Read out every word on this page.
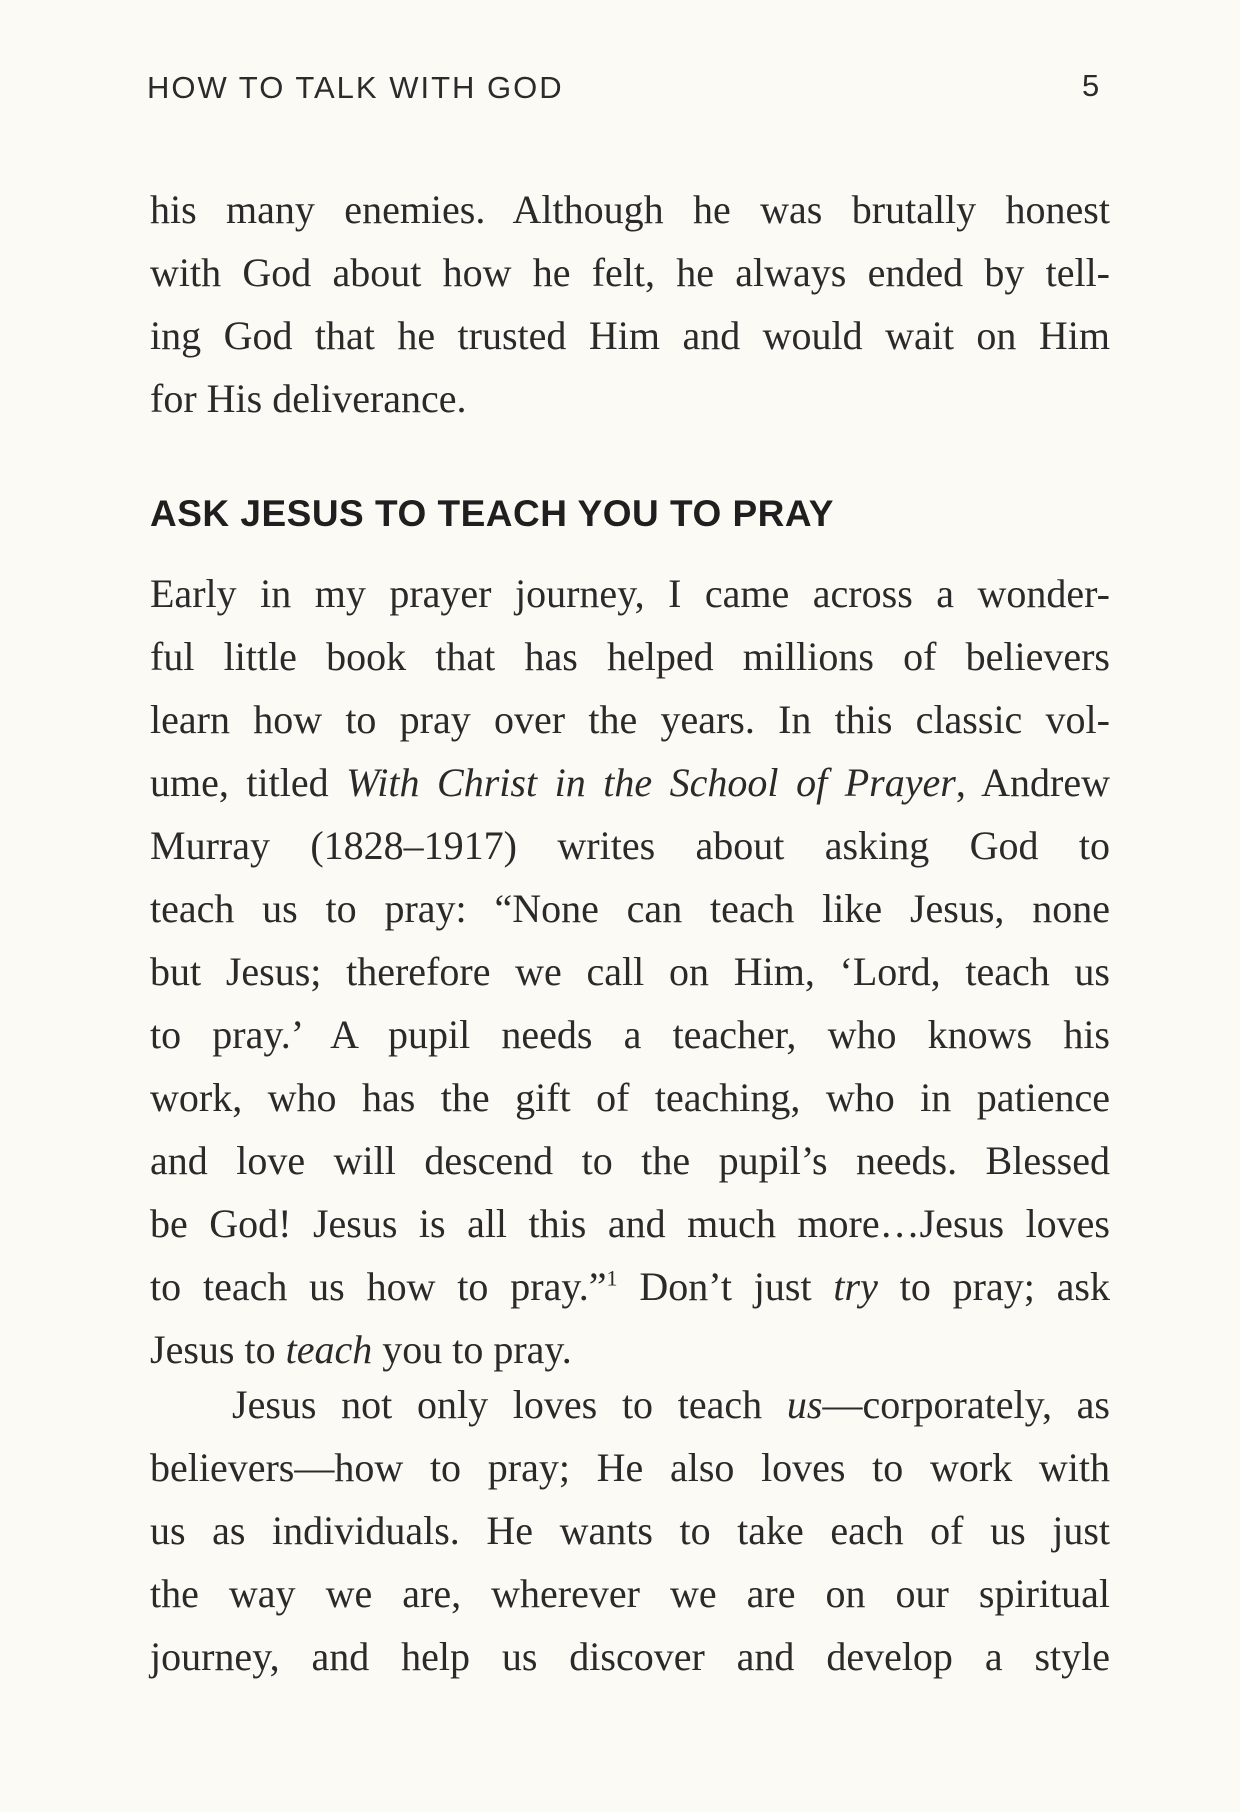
HOW TO TALK WITH GOD	5
his many enemies. Although he was brutally honest
with God about how he felt, he always ended by tell-
ing God that he trusted Him and would wait on Him
for His deliverance.
ASK JESUS TO TEACH YOU TO PRAY
Early in my prayer journey, I came across a wonder-
ful little book that has helped millions of believers
learn how to pray over the years. In this classic vol-
ume, titled With Christ in the School of Prayer, Andrew
Murray (1828–1917) writes about asking God to
teach us to pray: “None can teach like Jesus, none
but Jesus; therefore we call on Him, ‘Lord, teach us
to pray.’ A pupil needs a teacher, who knows his
work, who has the gift of teaching, who in patience
and love will descend to the pupil’s needs. Blessed
be God! Jesus is all this and much more…Jesus loves
to teach us how to pray.”$^1$ Don’t just try to pray; ask
Jesus to teach you to pray.
Jesus not only loves to teach us—corporately, as
believers—how to pray; He also loves to work with
us as individuals. He wants to take each of us just
the way we are, wherever we are on our spiritual
journey, and help us discover and develop a style
